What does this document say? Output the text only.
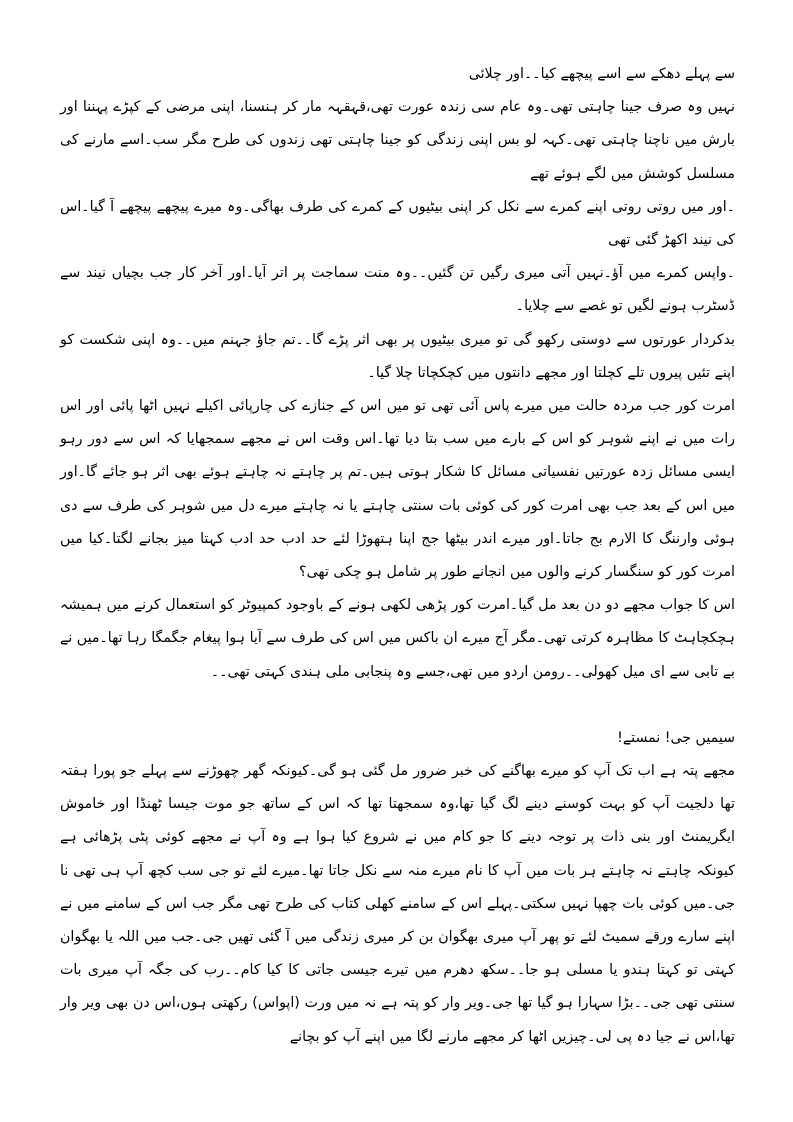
سے پہلے دھکے سے اسے پیچھے کیا۔۔اور چلائی

نہیں وہ صرف جینا چاہتی تھی۔وہ عام سی زندہ عورت تھی،قہقہہ مار کر ہنسنا، اپنی مرضی کے کپڑے پہننا اور بارش میں ناچنا چاہتی تھی۔کہہ لو بس اپنی زندگی کو جینا چاہتی تھی زندوں کی طرح مگر سب۔اسے مارنے کی مسلسل کوشش میں لگے ہوئے تھے

۔اور میں روتی روتی اپنے کمرے سے نکل کر اپنی بیٹیوں کے کمرے کی طرف بھاگی۔وہ میرے پیچھے پیچھے آ گیا۔اس کی نیند اکھڑ گئی تھی

۔واپس کمرے میں آؤ۔نہیں آتی میری رگیں تن گئیں۔۔وہ منت سماجت پر اتر آیا۔اور آخر کار جب بچیاں نیند سے ڈسٹرب ہونے لگیں تو غصے سے چلایا۔

بدکردار عورتوں سے دوستی رکھو گی تو میری بیٹیوں پر بھی اثر پڑے گا۔۔تم جاؤ جہنم میں۔۔وہ اپنی شکست کو اپنے تئیں پیروں تلے کچلتا اور مجھے دانتوں میں کچکچاتا چلا گیا۔

امرت کور جب مردہ حالت میں میرے پاس آئی تھی تو میں اس کے جنازے کی چارپائی اکیلے نہیں اٹھا پائی اور اس رات میں نے اپنے شوہر کو اس کے بارے میں سب بتا دیا تھا۔اس وقت اس نے مجھے سمجھایا کہ اس سے دور رہو ایسی مسائل زدہ عورتیں نفسیاتی مسائل کا شکار ہوتی ہیں۔تم پر چاہتے نہ چاہتے ہوئے بھی اثر ہو جائے گا۔اور میں اس کے بعد جب بھی امرت کور کی کوئی بات سنتی چاہتے یا نہ چاہتے میرے دل میں شوہر کی طرف سے دی ہوئی وارننگ کا الارم بج جاتا۔اور میرے اندر بیٹھا جج اپنا ہتھوڑا لئے حد ادب حد ادب کہتا میز بجانے لگتا۔کیا میں امرت کور کو سنگسار کرنے والوں میں انجانے طور پر شامل ہو چکی تھی؟

اس کا جواب مجھے دو دن بعد مل گیا۔امرت کور پڑھی لکھی ہونے کے باوجود کمپیوٹر کو استعمال کرنے میں ہمیشہ ہچکچاہٹ کا مظاہرہ کرتی تھی۔مگر آج میرے ان باکس میں اس کی طرف سے آیا ہوا پیغام جگمگا رہا تھا۔میں نے بے تابی سے ای میل کھولی۔۔رومن اردو میں تھی،جسے وہ پنجابی ملی ہندی کہتی تھی۔۔

سیمیں جی! نمستے!

مجھے پتہ ہے اب تک آپ کو میرے بھاگنے کی خبر ضرور مل گئی ہو گی۔کیونکہ گھر چھوڑنے سے پہلے جو پورا ہفتہ تھا دلجیت آپ کو بہت کوسنے دینے لگ گیا تھا،وہ سمجھتا تھا کہ اس کے ساتھ جو موت جیسا ٹھنڈا اور خاموش ایگریمنٹ اور بنی ذات پر توجہ دینے کا جو کام میں نے شروع کیا ہوا ہے وہ آپ نے مجھے کوئی پٹی پڑھائی ہے کیونکہ چاہتے نہ چاہتے ہر بات میں آپ کا نام میرے منہ سے نکل جاتا تھا۔میرے لئے تو جی سب کچھ آپ ہی تھی نا جی۔میں کوئی بات چھپا نہیں سکتی۔پہلے اس کے سامنے کھلی کتاب کی طرح تھی مگر جب اس کے سامنے میں نے اپنے سارے ورقے سمیٹ لئے تو پھر آپ میری بھگوان بن کر میری زندگی میں آ گئی تھیں جی۔جب میں اللہ یا بھگوان کہتی تو کہتا ہندو یا مسلی ہو جا۔۔سکھ دھرم میں تیرے جیسی جاتی کا کیا کام۔۔رب کی جگہ آپ میری بات سنتی تھی جی۔۔بڑا سہارا ہو گیا تھا جی۔ویر وار کو پتہ ہے نہ میں ورت (اپواس) رکھتی ہوں،اس دن بھی ویر وار تھا،اس نے جیا دہ پی لی۔چیزیں اٹھا کر مجھے مارنے لگا میں اپنے آپ کو بچانے
